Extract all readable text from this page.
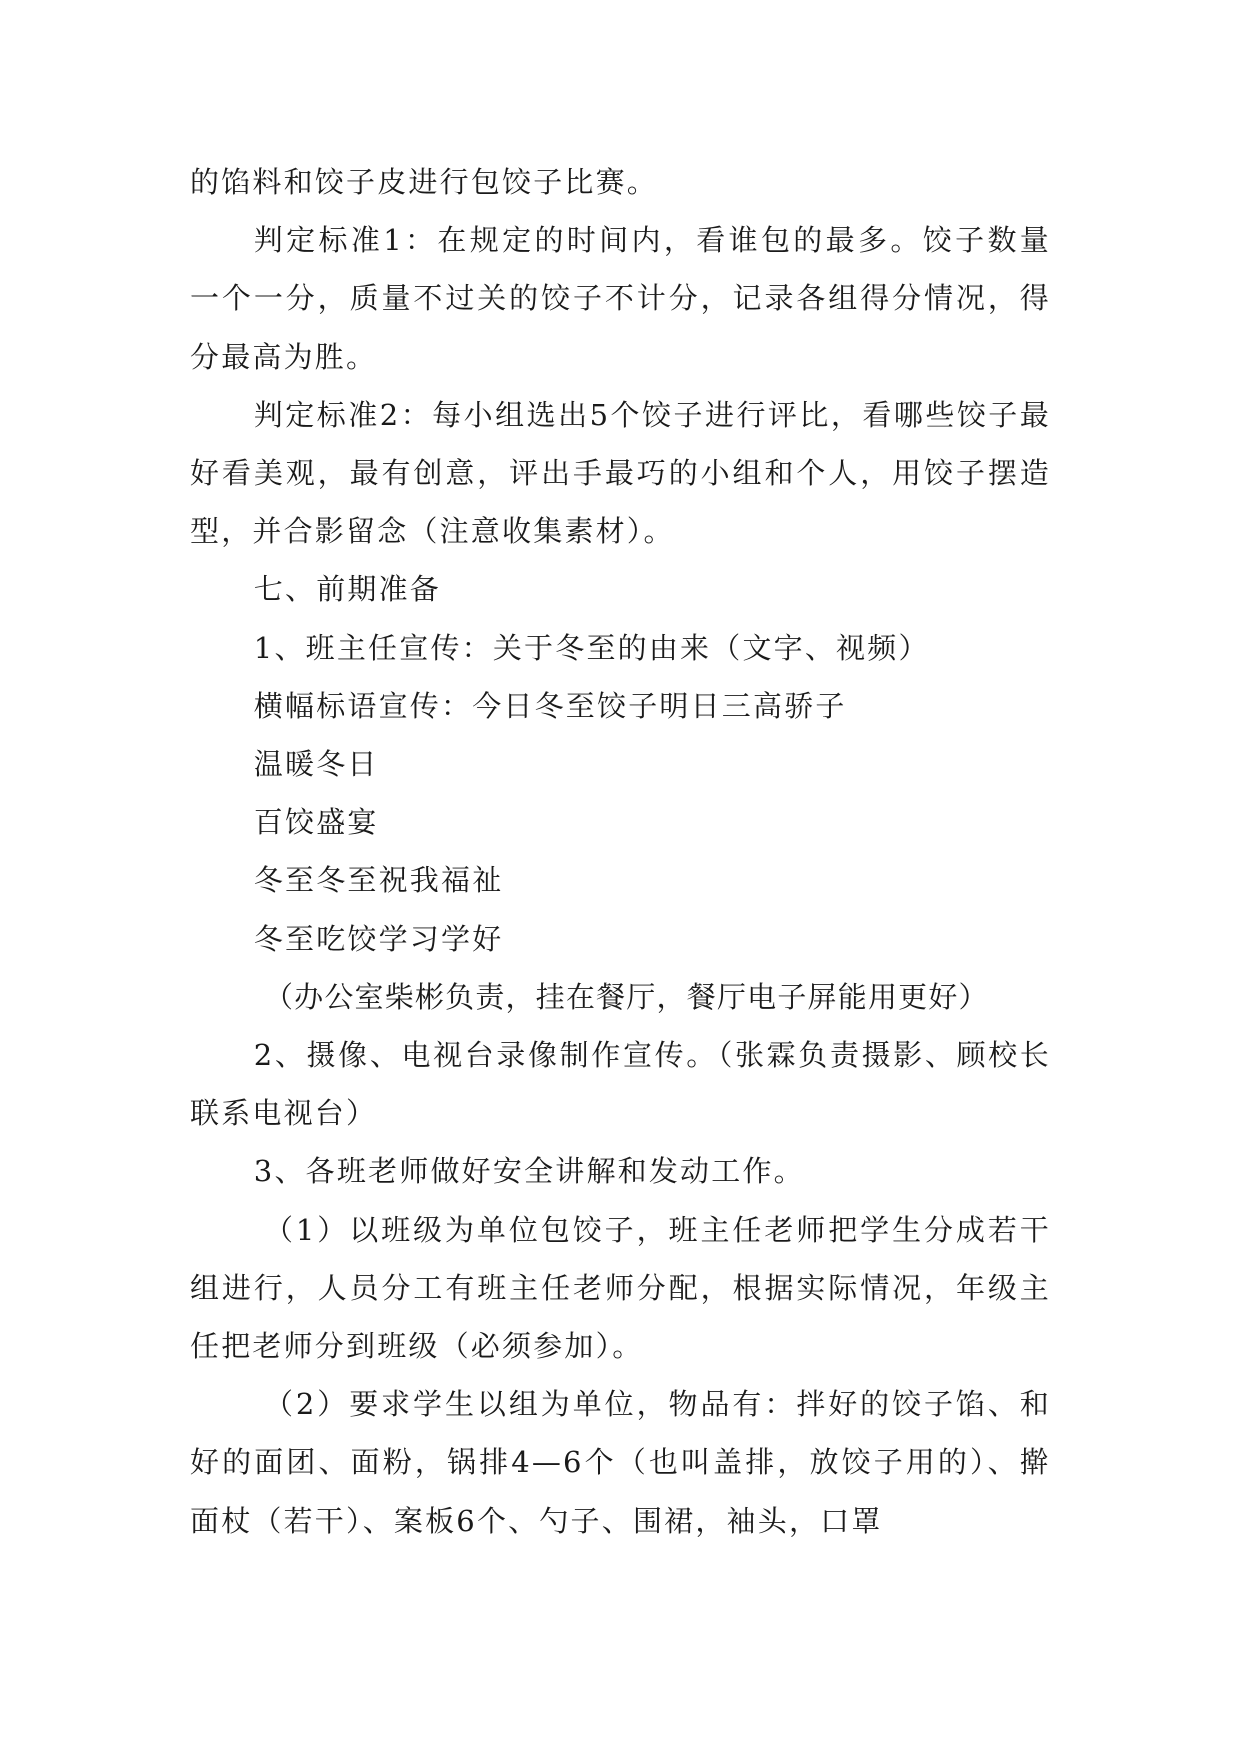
的馅料和饺子皮进行包饺子比赛。

判定标准1：在规定的时间内，看谁包的最多。饺子数量一个一分，质量不过关的饺子不计分，记录各组得分情况，得分最高为胜。

判定标准2：每小组选出5个饺子进行评比，看哪些饺子最好看美观，最有创意，评出手最巧的小组和个人，用饺子摆造型，并合影留念（注意收集素材）。

七、前期准备

1、班主任宣传：关于冬至的由来（文字、视频）

横幅标语宣传：今日冬至饺子明日三高骄子

温暖冬日

百饺盛宴

冬至冬至祝我福祉

冬至吃饺学习学好

（办公室柴彬负责，挂在餐厅，餐厅电子屏能用更好）

2、摄像、电视台录像制作宣传。（张霖负责摄影、顾校长联系电视台）

3、各班老师做好安全讲解和发动工作。

（1）以班级为单位包饺子，班主任老师把学生分成若干组进行，人员分工有班主任老师分配，根据实际情况，年级主任把老师分到班级（必须参加）。

（2）要求学生以组为单位，物品有：拌好的饺子馅、和好的面团、面粉，锅排4—6个（也叫盖排，放饺子用的）、擀面杖（若干）、案板6个、勺子、围裙，袖头，口罩
